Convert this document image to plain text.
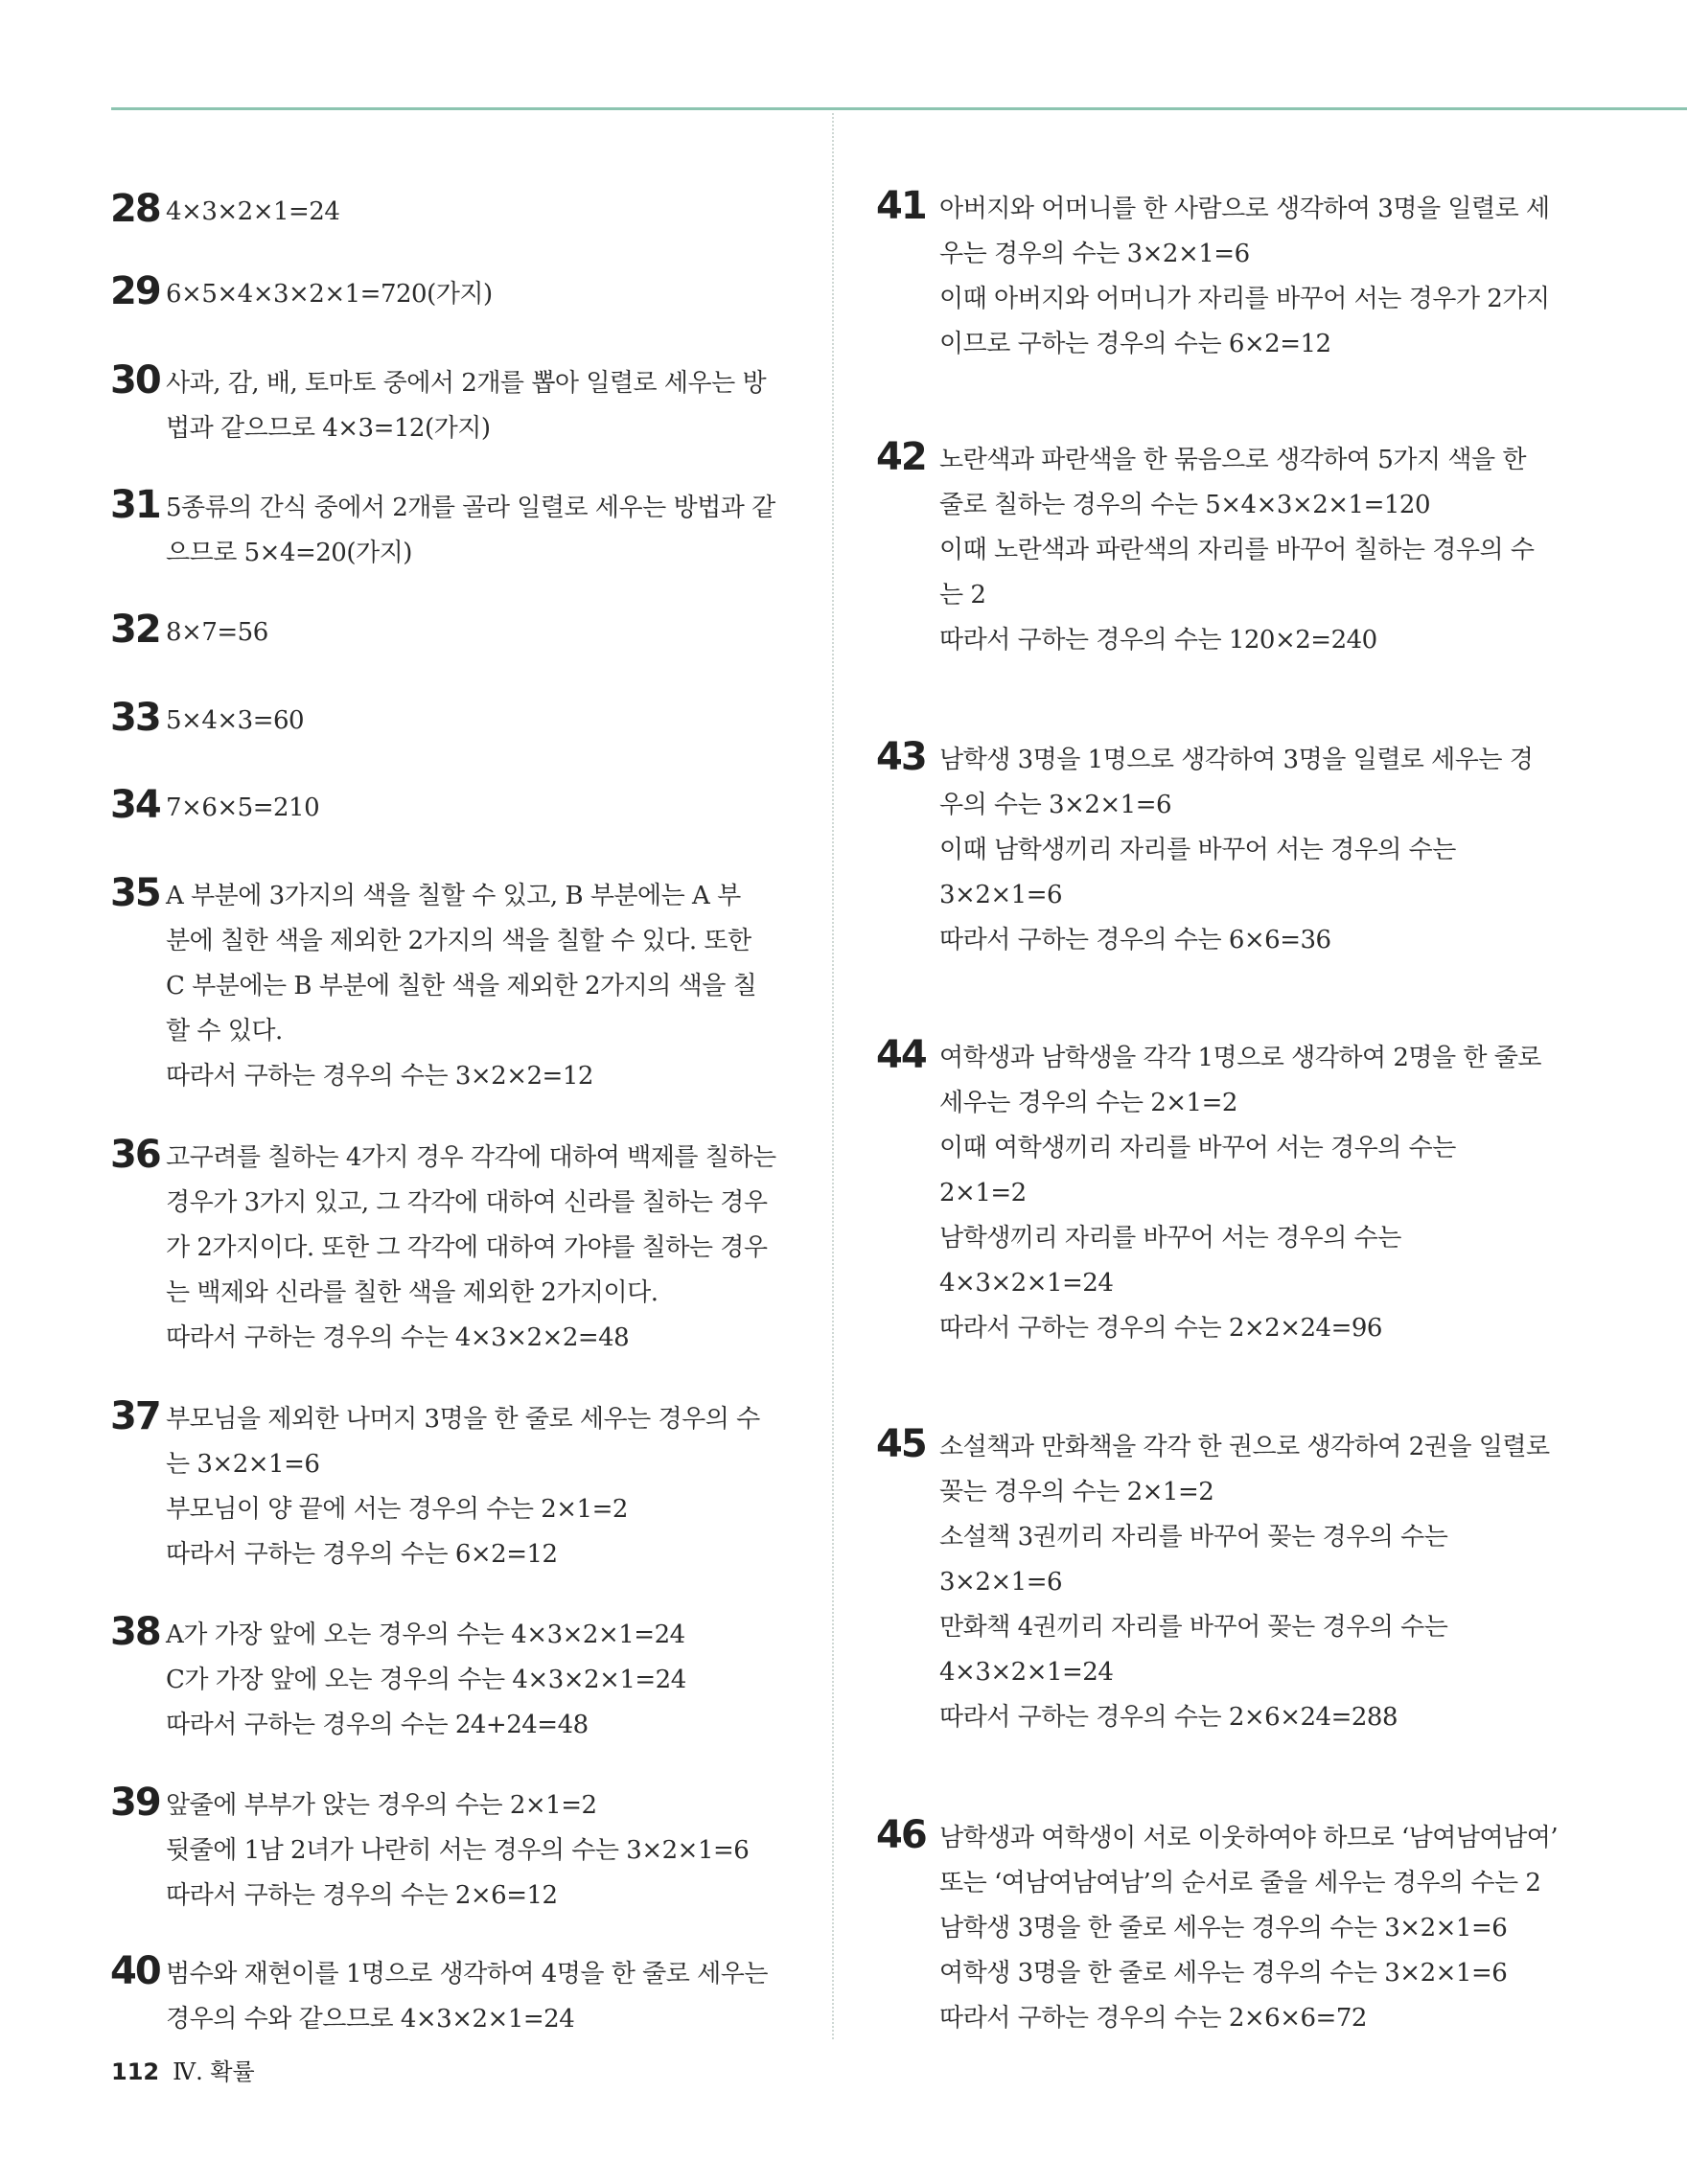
28 4×3×2×1=24
29 6×5×4×3×2×1=720(가지)
30 사과, 감, 배, 토마토 중에서 2개를 뽑아 일렬로 세우는 방
법과 같으므로 4×3=12(가지)
31 5종류의 간식 중에서 2개를 골라 일렬로 세우는 방법과 같
으므로 5×4=20(가지)
32 8×7=56
33 5×4×3=60
34 7×6×5=210
35 A 부분에 3가지의 색을 칠할 수 있고, B 부분에는 A 부
분에 칠한 색을 제외한 2가지의 색을 칠할 수 있다. 또한
C 부분에는 B 부분에 칠한 색을 제외한 2가지의 색을 칠
할 수 있다.
따라서 구하는 경우의 수는 3×2×2=12
36 고구려를 칠하는 4가지 경우 각각에 대하여 백제를 칠하는
경우가 3가지 있고, 그 각각에 대하여 신라를 칠하는 경우
가 2가지이다. 또한 그 각각에 대하여 가야를 칠하는 경우
는 백제와 신라를 칠한 색을 제외한 2가지이다.
따라서 구하는 경우의 수는 4×3×2×2=48
37 부모님을 제외한 나머지 3명을 한 줄로 세우는 경우의 수
는 3×2×1=6
부모님이 양 끝에 서는 경우의 수는 2×1=2
따라서 구하는 경우의 수는 6×2=12
38 A가 가장 앞에 오는 경우의 수는 4×3×2×1=24
C가 가장 앞에 오는 경우의 수는 4×3×2×1=24
따라서 구하는 경우의 수는 24+24=48
39 앞줄에 부부가 앉는 경우의 수는 2×1=2
뒷줄에 1남 2녀가 나란히 서는 경우의 수는 3×2×1=6
따라서 구하는 경우의 수는 2×6=12
40 범수와 재현이를 1명으로 생각하여 4명을 한 줄로 세우는
경우의 수와 같으므로 4×3×2×1=24
41 아버지와 어머니를 한 사람으로 생각하여 3명을 일렬로 세
우는 경우의 수는 3×2×1=6
이때 아버지와 어머니가 자리를 바꾸어 서는 경우가 2가지
이므로 구하는 경우의 수는 6×2=12
42 노란색과 파란색을 한 묶음으로 생각하여 5가지 색을 한
줄로 칠하는 경우의 수는 5×4×3×2×1=120
이때 노란색과 파란색의 자리를 바꾸어 칠하는 경우의 수
는 2
따라서 구하는 경우의 수는 120×2=240
43 남학생 3명을 1명으로 생각하여 3명을 일렬로 세우는 경
우의 수는 3×2×1=6
이때 남학생끼리 자리를 바꾸어 서는 경우의 수는
3×2×1=6
따라서 구하는 경우의 수는 6×6=36
44 여학생과 남학생을 각각 1명으로 생각하여 2명을 한 줄로
세우는 경우의 수는 2×1=2
이때 여학생끼리 자리를 바꾸어 서는 경우의 수는
2×1=2
남학생끼리 자리를 바꾸어 서는 경우의 수는
4×3×2×1=24
따라서 구하는 경우의 수는 2×2×24=96
45 소설책과 만화책을 각각 한 권으로 생각하여 2권을 일렬로
꽂는 경우의 수는 2×1=2
소설책 3권끼리 자리를 바꾸어 꽂는 경우의 수는
3×2×1=6
만화책 4권끼리 자리를 바꾸어 꽂는 경우의 수는
4×3×2×1=24
따라서 구하는 경우의 수는 2×6×24=288
46 남학생과 여학생이 서로 이웃하여야 하므로 ‘남여남여남여’
또는 ‘여남여남여남’의 순서로 줄을 세우는 경우의 수는 2
남학생 3명을 한 줄로 세우는 경우의 수는 3×2×1=6
여학생 3명을 한 줄로 세우는 경우의 수는 3×2×1=6
따라서 구하는 경우의 수는 2×6×6=72
112 Ⅳ. 확률
